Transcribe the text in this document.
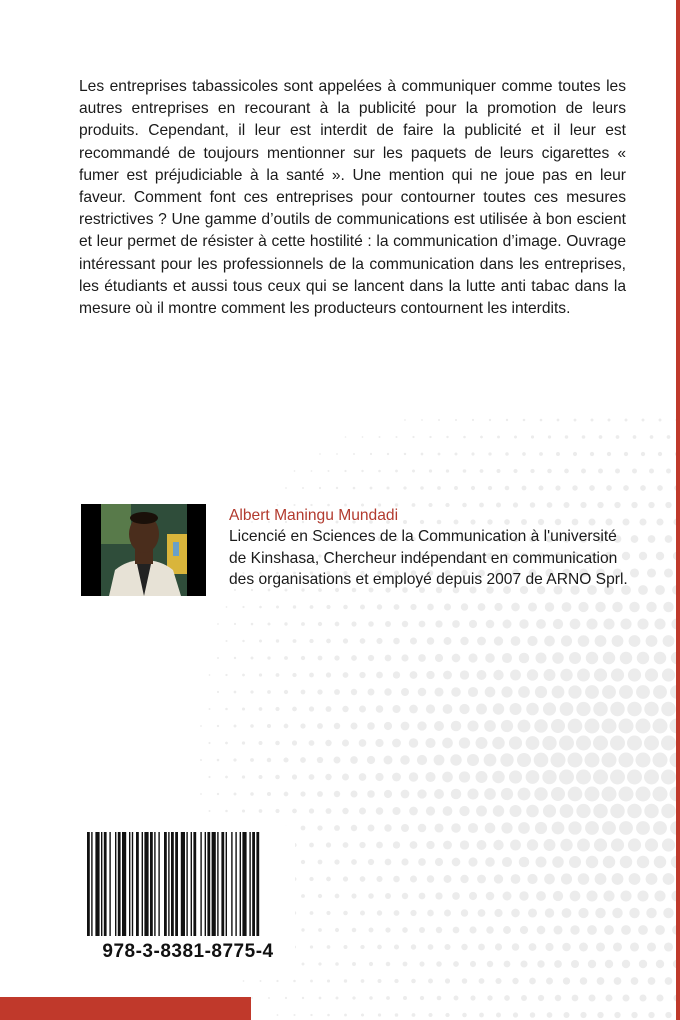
Les entreprises tabassicoles sont appelées à communiquer comme toutes les autres entreprises en recourant à la publicité pour la promotion de leurs produits. Cependant, il leur est interdit de faire la publicité et il leur est recommandé de toujours mentionner sur les paquets de leurs cigarettes « fumer est préjudiciable à la santé ». Une mention qui ne joue pas en leur faveur. Comment font ces entreprises pour contourner toutes ces mesures restrictives ? Une gamme d’outils de communications est utilisée à bon escient et leur permet de résister à cette hostilité : la communication d’image. Ouvrage intéressant pour les professionnels de la communication dans les entreprises, les étudiants et aussi tous ceux qui se lancent dans la lutte anti tabac dans la mesure où il montre comment les producteurs contournent les interdits.

Albert Maningu Mundadi

Licencié en Sciences de la Communication à l'université de Kinshasa, Chercheur indépendant en communication des organisations et employé depuis 2007 de ARNO Sprl.

978-3-8381-8775-4
